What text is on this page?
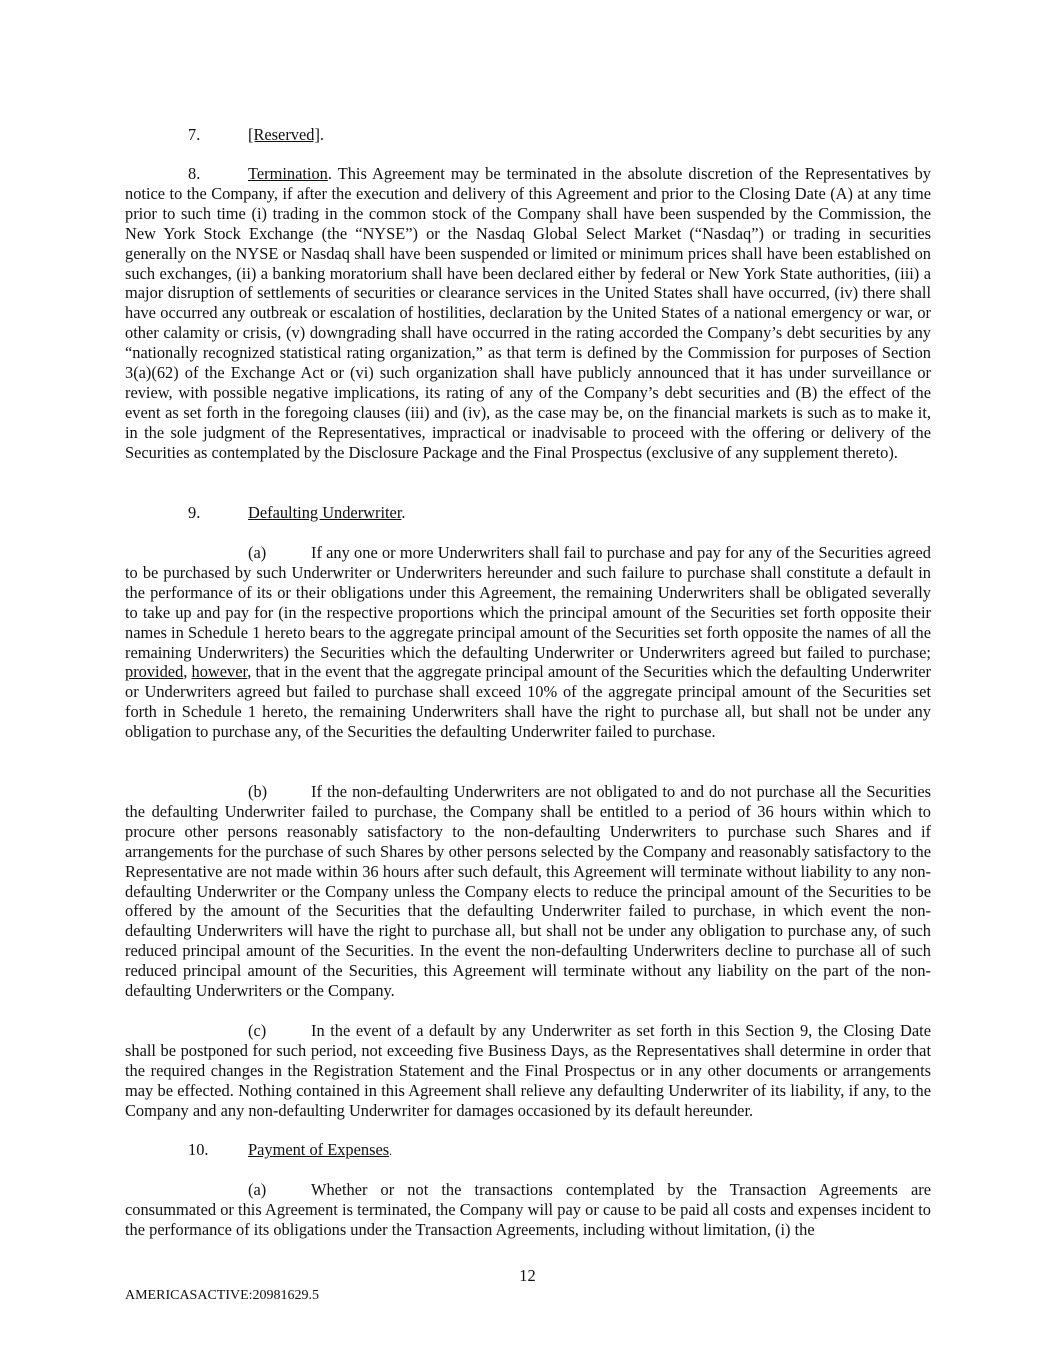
7.	[Reserved].
8.	Termination. This Agreement may be terminated in the absolute discretion of the Representatives by notice to the Company, if after the execution and delivery of this Agreement and prior to the Closing Date (A) at any time prior to such time (i) trading in the common stock of the Company shall have been suspended by the Commission, the New York Stock Exchange (the “NYSE”) or the Nasdaq Global Select Market (“Nasdaq”) or trading in securities generally on the NYSE or Nasdaq shall have been suspended or limited or minimum prices shall have been established on such exchanges, (ii) a banking moratorium shall have been declared either by federal or New York State authorities, (iii) a major disruption of settlements of securities or clearance services in the United States shall have occurred, (iv) there shall have occurred any outbreak or escalation of hostilities, declaration by the United States of a national emergency or war, or other calamity or crisis, (v) downgrading shall have occurred in the rating accorded the Company’s debt securities by any “nationally recognized statistical rating organization,” as that term is defined by the Commission for purposes of Section 3(a)(62) of the Exchange Act or (vi) such organization shall have publicly announced that it has under surveillance or review, with possible negative implications, its rating of any of the Company’s debt securities and (B) the effect of the event as set forth in the foregoing clauses (iii) and (iv), as the case may be, on the financial markets is such as to make it, in the sole judgment of the Representatives, impractical or inadvisable to proceed with the offering or delivery of the Securities as contemplated by the Disclosure Package and the Final Prospectus (exclusive of any supplement thereto).
9.	Defaulting Underwriter.
(a)	If any one or more Underwriters shall fail to purchase and pay for any of the Securities agreed to be purchased by such Underwriter or Underwriters hereunder and such failure to purchase shall constitute a default in the performance of its or their obligations under this Agreement, the remaining Underwriters shall be obligated severally to take up and pay for (in the respective proportions which the principal amount of the Securities set forth opposite their names in Schedule 1 hereto bears to the aggregate principal amount of the Securities set forth opposite the names of all the remaining Underwriters) the Securities which the defaulting Underwriter or Underwriters agreed but failed to purchase; provided, however, that in the event that the aggregate principal amount of the Securities which the defaulting Underwriter or Underwriters agreed but failed to purchase shall exceed 10% of the aggregate principal amount of the Securities set forth in Schedule 1 hereto, the remaining Underwriters shall have the right to purchase all, but shall not be under any obligation to purchase any, of the Securities the defaulting Underwriter failed to purchase.
(b)	If the non-defaulting Underwriters are not obligated to and do not purchase all the Securities the defaulting Underwriter failed to purchase, the Company shall be entitled to a period of 36 hours within which to procure other persons reasonably satisfactory to the non-defaulting Underwriters to purchase such Shares and if arrangements for the purchase of such Shares by other persons selected by the Company and reasonably satisfactory to the Representative are not made within 36 hours after such default, this Agreement will terminate without liability to any non-defaulting Underwriter or the Company unless the Company elects to reduce the principal amount of the Securities to be offered by the amount of the Securities that the defaulting Underwriter failed to purchase, in which event the non-defaulting Underwriters will have the right to purchase all, but shall not be under any obligation to purchase any, of such reduced principal amount of the Securities. In the event the non-defaulting Underwriters decline to purchase all of such reduced principal amount of the Securities, this Agreement will terminate without any liability on the part of the non-defaulting Underwriters or the Company.
(c)	In the event of a default by any Underwriter as set forth in this Section 9, the Closing Date shall be postponed for such period, not exceeding five Business Days, as the Representatives shall determine in order that the required changes in the Registration Statement and the Final Prospectus or in any other documents or arrangements may be effected. Nothing contained in this Agreement shall relieve any defaulting Underwriter of its liability, if any, to the Company and any non-defaulting Underwriter for damages occasioned by its default hereunder.
10. Payment of Expenses.
(a)	Whether or not the transactions contemplated by the Transaction Agreements are consummated or this Agreement is terminated, the Company will pay or cause to be paid all costs and expenses incident to the performance of its obligations under the Transaction Agreements, including without limitation, (i) the
12
AMERICASACTIVE:20981629.5
